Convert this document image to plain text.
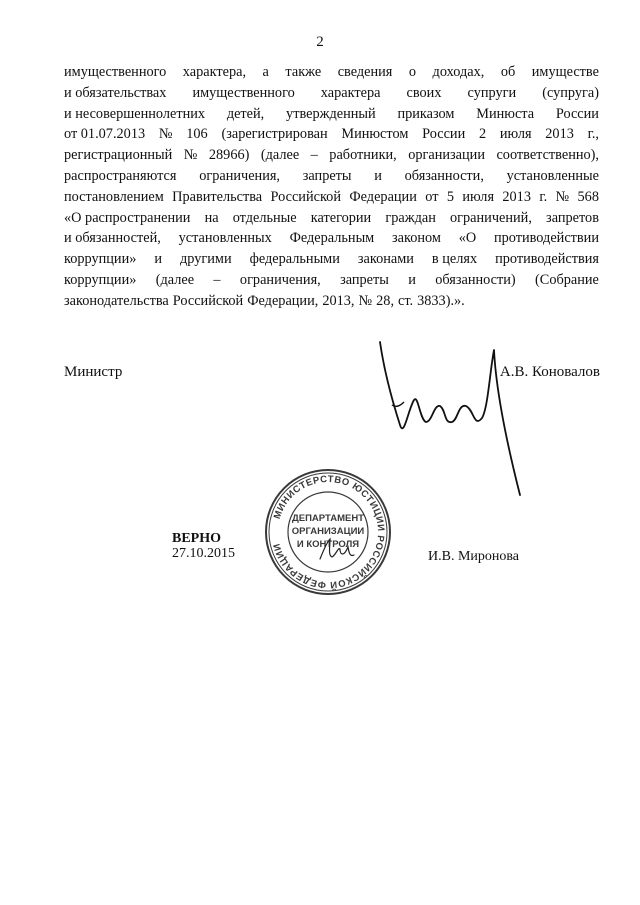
2
имущественного характера, а также сведения о доходах, об имуществе
и обязательствах имущественного характера своих супруги (супруга)
и несовершеннолетних детей, утвержденный приказом Минюста России
от 01.07.2013 № 106 (зарегистрирован Минюстом России 2 июля 2013 г.,
регистрационный № 28966) (далее – работники, организации соответственно),
распространяются ограничения, запреты и обязанности, установленные
постановлением Правительства Российской Федерации от 5 июля 2013 г. № 568
«О распространении на отдельные категории граждан ограничений, запретов
и обязанностей, установленных Федеральным законом «О противодействии
коррупции» и другими федеральными законами в целях противодействия
коррупции» (далее – ограничения, запреты и обязанности) (Собрание
законодательства Российской Федерации, 2013, № 28, ст. 3833).».
Министр	А.В. Коновалов
МИНИСТЕРСТВО ЮСТИЦИИ РОССИЙСКОЙ ФЕДЕРАЦИИ
ДЕПАРТАМЕНТ
ОРГАНИЗАЦИИ
И КОНТРОЛЯ
ВЕРНО
27.10.2015	И.В. Миронова
